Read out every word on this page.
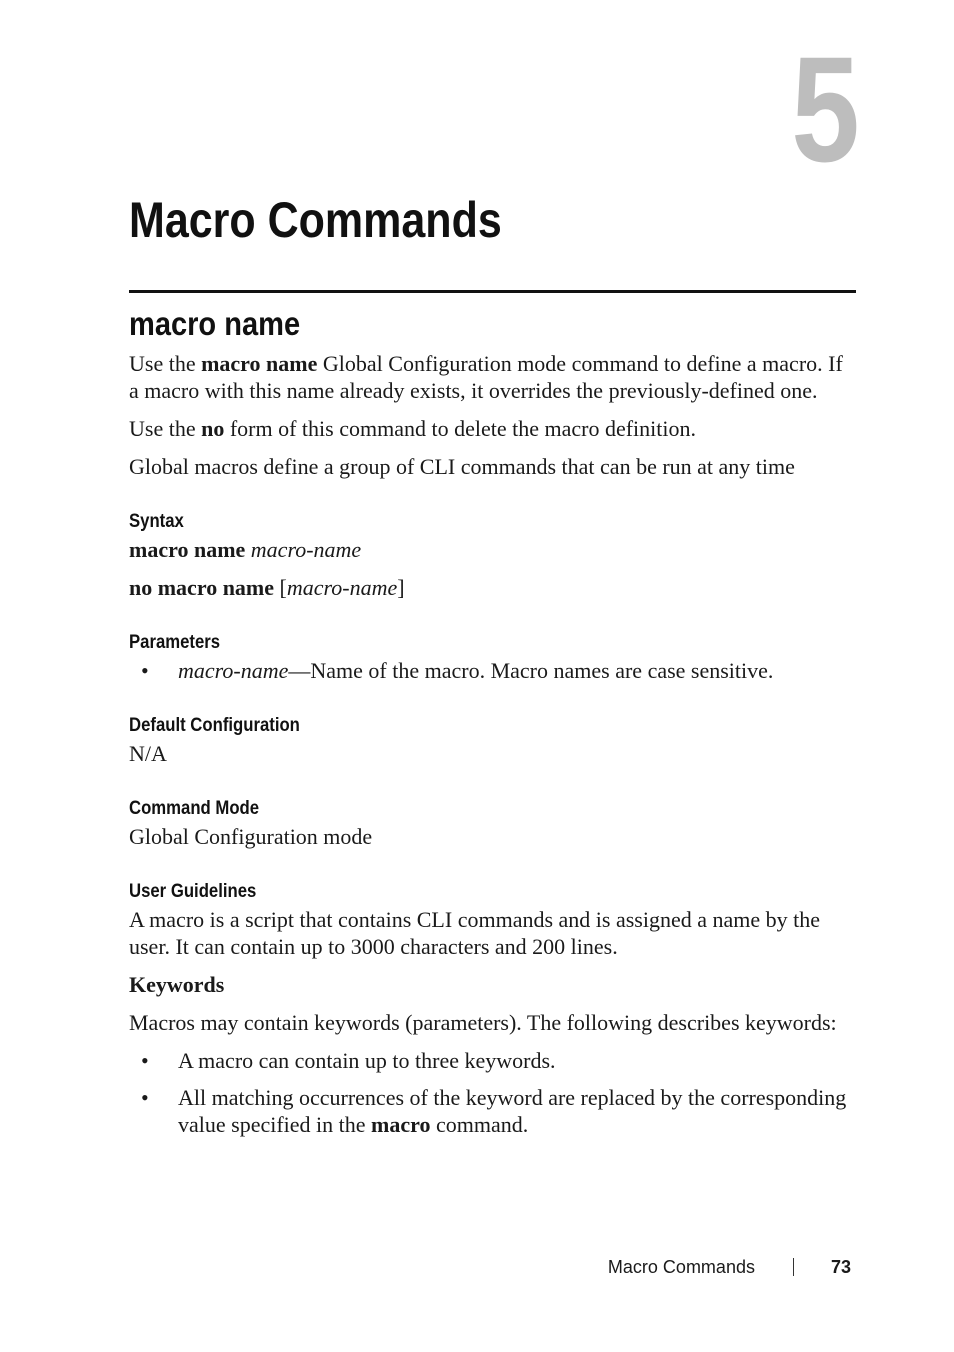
5
Macro Commands
macro name

Use the macro name Global Configuration mode command to define a macro. If a macro with this name already exists, it overrides the previously-defined one.

Use the no form of this command to delete the macro definition.

Global macros define a group of CLI commands that can be run at any time

Syntax

macro name macro-name

no macro name [macro-name]

Parameters
• macro-name—Name of the macro. Macro names are case sensitive.
Default Configuration

N/A

Command Mode

Global Configuration mode

User Guidelines

A macro is a script that contains CLI commands and is assigned a name by the user. It can contain up to 3000 characters and 200 lines.

Keywords

Macros may contain keywords (parameters). The following describes keywords:

• A macro can contain up to three keywords.
• All matching occurrences of the keyword are replaced by the corresponding value specified in the macro command.
Macro Commands	73
